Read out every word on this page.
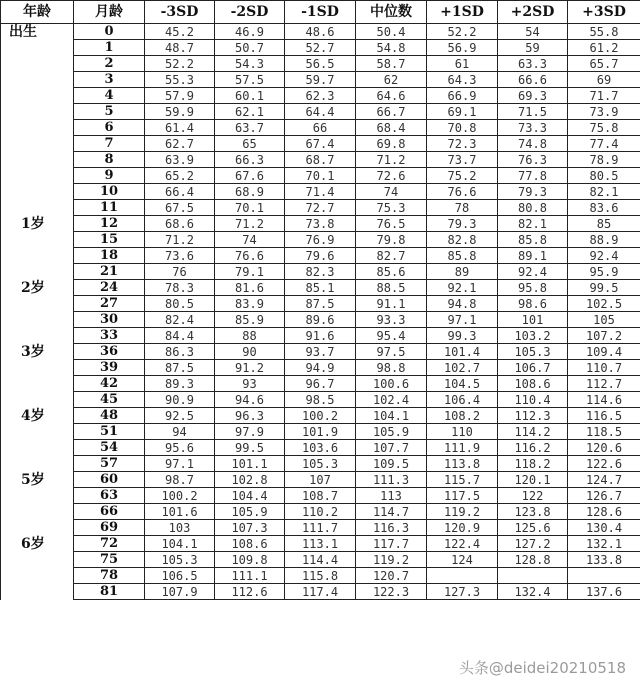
年龄	月龄	-3SD	-2SD	-1SD	中位数	+1SD	+2SD	+3SD
出生	0	45.2	46.9	48.6	50.4	52.2	54	55.8
	1	48.7	50.7	52.7	54.8	56.9	59	61.2
	2	52.2	54.3	56.5	58.7	61	63.3	65.7
	3	55.3	57.5	59.7	62	64.3	66.6	69
	4	57.9	60.1	62.3	64.6	66.9	69.3	71.7
	5	59.9	62.1	64.4	66.7	69.1	71.5	73.9
	6	61.4	63.7	66	68.4	70.8	73.3	75.8
	7	62.7	65	67.4	69.8	72.3	74.8	77.4
	8	63.9	66.3	68.7	71.2	73.7	76.3	78.9
	9	65.2	67.6	70.1	72.6	75.2	77.8	80.5
	10	66.4	68.9	71.4	74	76.6	79.3	82.1
	11	67.5	70.1	72.7	75.3	78	80.8	83.6
1岁	12	68.6	71.2	73.8	76.5	79.3	82.1	85
	15	71.2	74	76.9	79.8	82.8	85.8	88.9
	18	73.6	76.6	79.6	82.7	85.8	89.1	92.4
	21	76	79.1	82.3	85.6	89	92.4	95.9
2岁	24	78.3	81.6	85.1	88.5	92.1	95.8	99.5
	27	80.5	83.9	87.5	91.1	94.8	98.6	102.5
	30	82.4	85.9	89.6	93.3	97.1	101	105
	33	84.4	88	91.6	95.4	99.3	103.2	107.2
3岁	36	86.3	90	93.7	97.5	101.4	105.3	109.4
	39	87.5	91.2	94.9	98.8	102.7	106.7	110.7
	42	89.3	93	96.7	100.6	104.5	108.6	112.7
	45	90.9	94.6	98.5	102.4	106.4	110.4	114.6
4岁	48	92.5	96.3	100.2	104.1	108.2	112.3	116.5
	51	94	97.9	101.9	105.9	110	114.2	118.5
	54	95.6	99.5	103.6	107.7	111.9	116.2	120.6
	57	97.1	101.1	105.3	109.5	113.8	118.2	122.6
5岁	60	98.7	102.8	107	111.3	115.7	120.1	124.7
	63	100.2	104.4	108.7	113	117.5	122	126.7
	66	101.6	105.9	110.2	114.7	119.2	123.8	128.6
	69	103	107.3	111.7	116.3	120.9	125.6	130.4
6岁	72	104.1	108.6	113.1	117.7	122.4	127.2	132.1
	75	105.3	109.8	114.4	119.2	124	128.8	133.8
	78	106.5	111.1	115.8	120.7			
	81	107.9	112.6	117.4	122.3	127.3	132.4	137.6
头条@deidei20210518
